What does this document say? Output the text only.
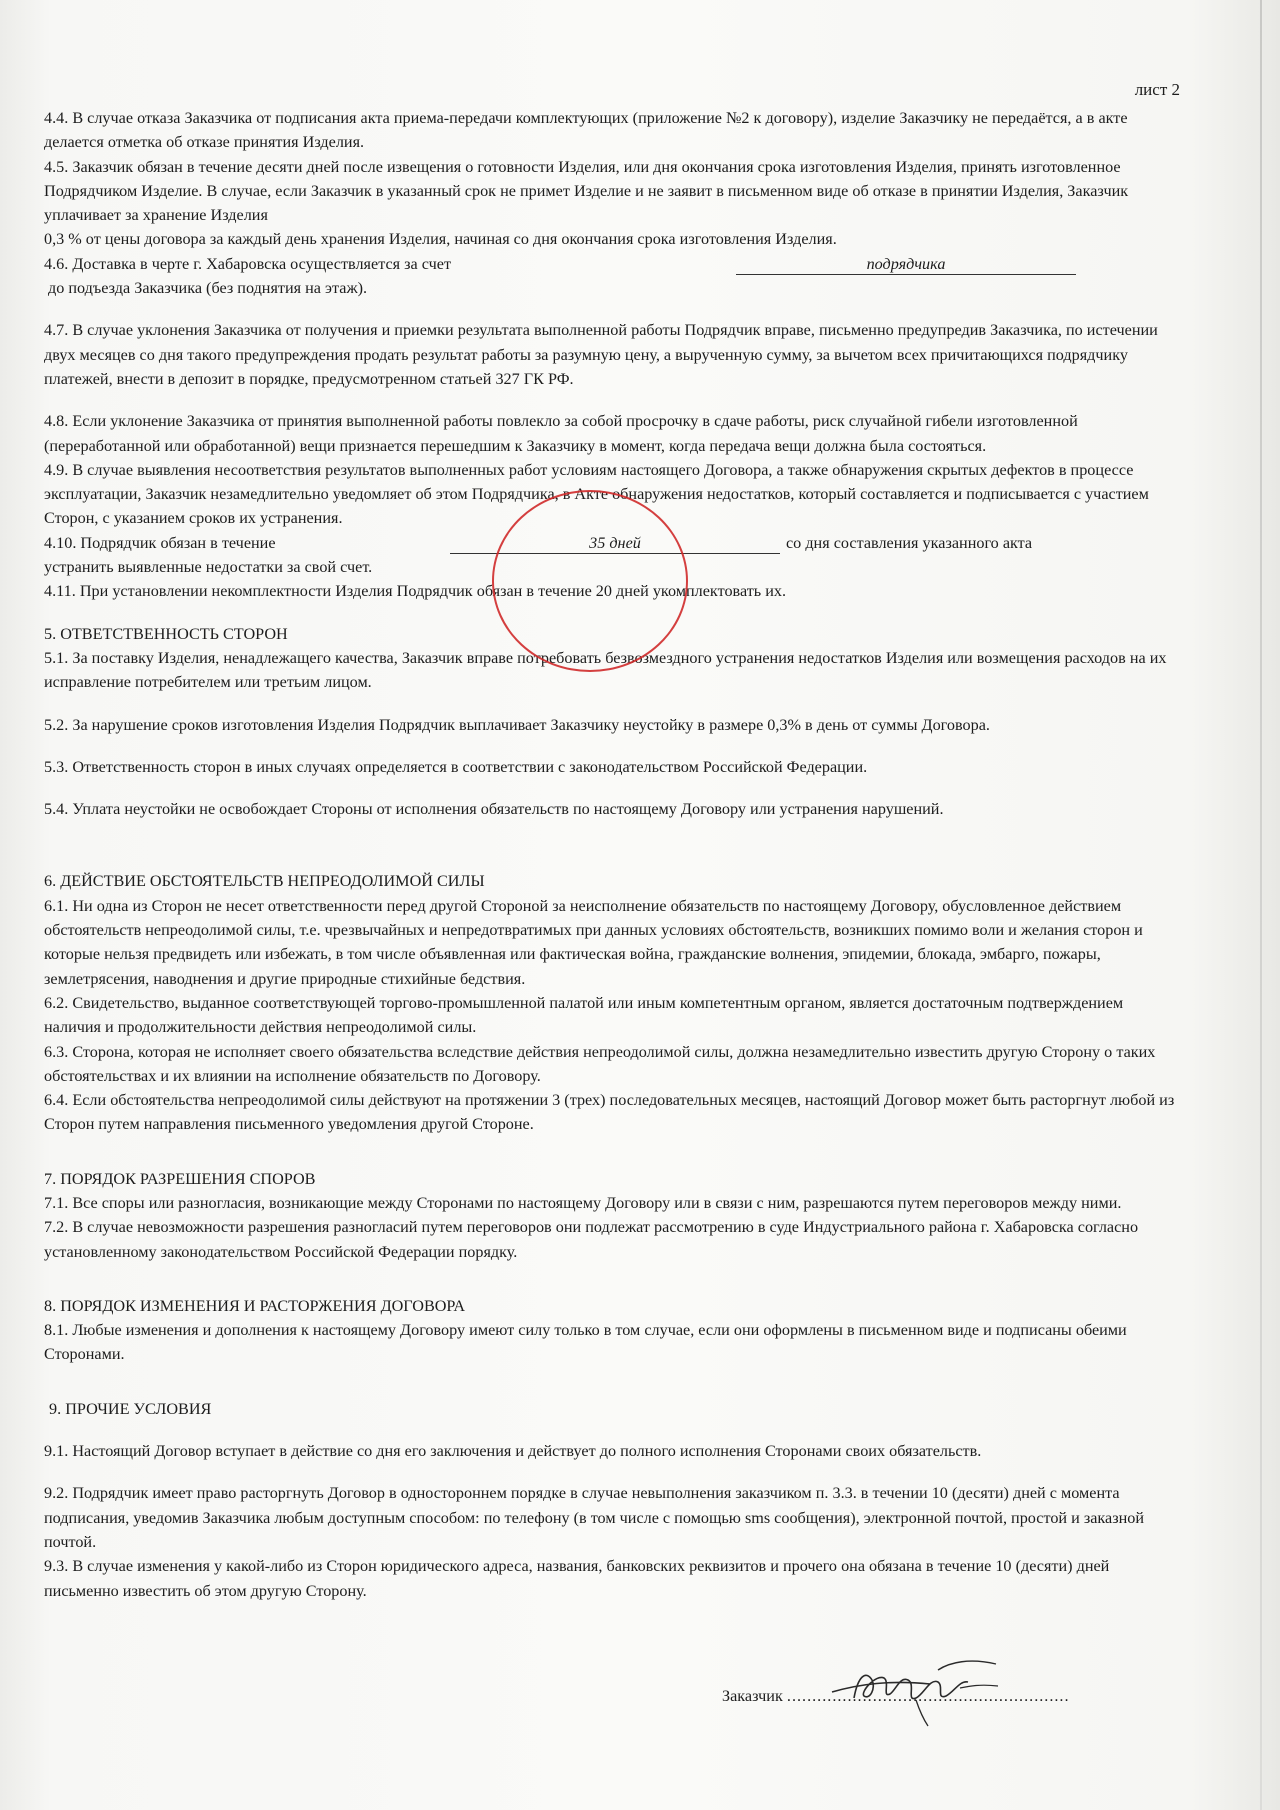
лист 2

4.4. В случае отказа Заказчика от подписания акта приема-передачи комплектующих (приложение №2 к договору), изделие Заказчику не передаётся, а в акте делается отметка об отказе принятия Изделия.

4.5. Заказчик обязан в течение десяти дней после извещения о готовности Изделия, или дня окончания срока изготовления Изделия, принять изготовленное Подрядчиком Изделие. В случае, если Заказчик в указанный срок не примет Изделие и не заявит в письменном виде об отказе в принятии Изделия, Заказчик уплачивает за хранение Изделия

0,3 % от цены договора за каждый день хранения Изделия, начиная со дня окончания срока изготовления Изделия.

4.6. Доставка в черте г. Хабаровска осуществляется за счет	подрядчика

до подъезда Заказчика (без поднятия на этаж).

4.7. В случае уклонения Заказчика от получения и приемки результата выполненной работы Подрядчик вправе, письменно предупредив Заказчика, по истечении двух месяцев со дня такого предупреждения продать результат работы за разумную цену, а вырученную сумму, за вычетом всех причитающихся подрядчику платежей, внести в депозит в порядке, предусмотренном статьей 327 ГК РФ.

4.8. Если уклонение Заказчика от принятия выполненной работы повлекло за собой просрочку в сдаче работы, риск случайной гибели изготовленной (переработанной или обработанной) вещи признается перешедшим к Заказчику в момент, когда передача вещи должна была состояться.

4.9. В случае выявления несоответствия результатов выполненных работ условиям настоящего Договора, а также обнаружения скрытых дефектов в процессе эксплуатации, Заказчик незамедлительно уведомляет об этом Подрядчика, в Акте обнаружения недостатков, который составляется и подписывается с участием Сторон, с указанием сроков их устранения.

4.10. Подрядчик обязан в течение	35 дней	со дня составления указанного акта

устранить выявленные недостатки за свой счет.

4.11. При установлении некомплектности Изделия Подрядчик обязан в течение 20 дней укомплектовать их.

5. ОТВЕТСТВЕННОСТЬ СТОРОН

5.1. За поставку Изделия, ненадлежащего качества, Заказчик вправе потребовать безвозмездного устранения недостатков Изделия или возмещения расходов на их исправление потребителем или третьим лицом.

5.2. За нарушение сроков изготовления Изделия Подрядчик выплачивает Заказчику неустойку в размере 0,3% в день от суммы Договора.

5.3. Ответственность сторон в иных случаях определяется в соответствии с законодательством Российской Федерации.

5.4. Уплата неустойки не освобождает Стороны от исполнения обязательств по настоящему Договору или устранения нарушений.

6. ДЕЙСТВИЕ ОБСТОЯТЕЛЬСТВ НЕПРЕОДОЛИМОЙ СИЛЫ

6.1. Ни одна из Сторон не несет ответственности перед другой Стороной за неисполнение обязательств по настоящему Договору, обусловленное действием обстоятельств непреодолимой силы, т.е. чрезвычайных и непредотвратимых при данных условиях обстоятельств, возникших помимо воли и желания сторон и которые нельзя предвидеть или избежать, в том числе объявленная или фактическая война, гражданские волнения, эпидемии, блокада, эмбарго, пожары, землетрясения, наводнения и другие природные стихийные бедствия.

6.2. Свидетельство, выданное соответствующей торгово-промышленной палатой или иным компетентным органом, является достаточным подтверждением наличия и продолжительности действия непреодолимой силы.

6.3. Сторона, которая не исполняет своего обязательства вследствие действия непреодолимой силы, должна незамедлительно известить другую Сторону о таких обстоятельствах и их влиянии на исполнение обязательств по Договору.

6.4. Если обстоятельства непреодолимой силы действуют на протяжении 3 (трех) последовательных месяцев, настоящий Договор может быть расторгнут любой из Сторон путем направления письменного уведомления другой Стороне.

7. ПОРЯДОК РАЗРЕШЕНИЯ СПОРОВ

7.1. Все споры или разногласия, возникающие между Сторонами по настоящему Договору или в связи с ним, разрешаются путем переговоров между ними.

7.2. В случае невозможности разрешения разногласий путем переговоров они подлежат рассмотрению в суде Индустриального района г. Хабаровска согласно установленному законодательством Российской Федерации порядку.

8. ПОРЯДОК ИЗМЕНЕНИЯ И РАСТОРЖЕНИЯ ДОГОВОРА

8.1. Любые изменения и дополнения к настоящему Договору имеют силу только в том случае, если они оформлены в письменном виде и подписаны обеими Сторонами.

9. ПРОЧИЕ УСЛОВИЯ

9.1. Настоящий Договор вступает в действие со дня его заключения и действует до полного исполнения Сторонами своих обязательств.

9.2. Подрядчик имеет право расторгнуть Договор в одностороннем порядке в случае невыполнения заказчиком п. 3.3. в течении 10 (десяти) дней с момента подписания, уведомив Заказчика любым доступным способом: по телефону (в том числе с помощью sms сообщения), электронной почтой, простой и заказной почтой.

9.3. В случае изменения у какой-либо из Сторон юридического адреса, названия, банковских реквизитов и прочего она обязана в течение 10 (десяти) дней письменно известить об этом другую Сторону.

Заказчик ........................................................
